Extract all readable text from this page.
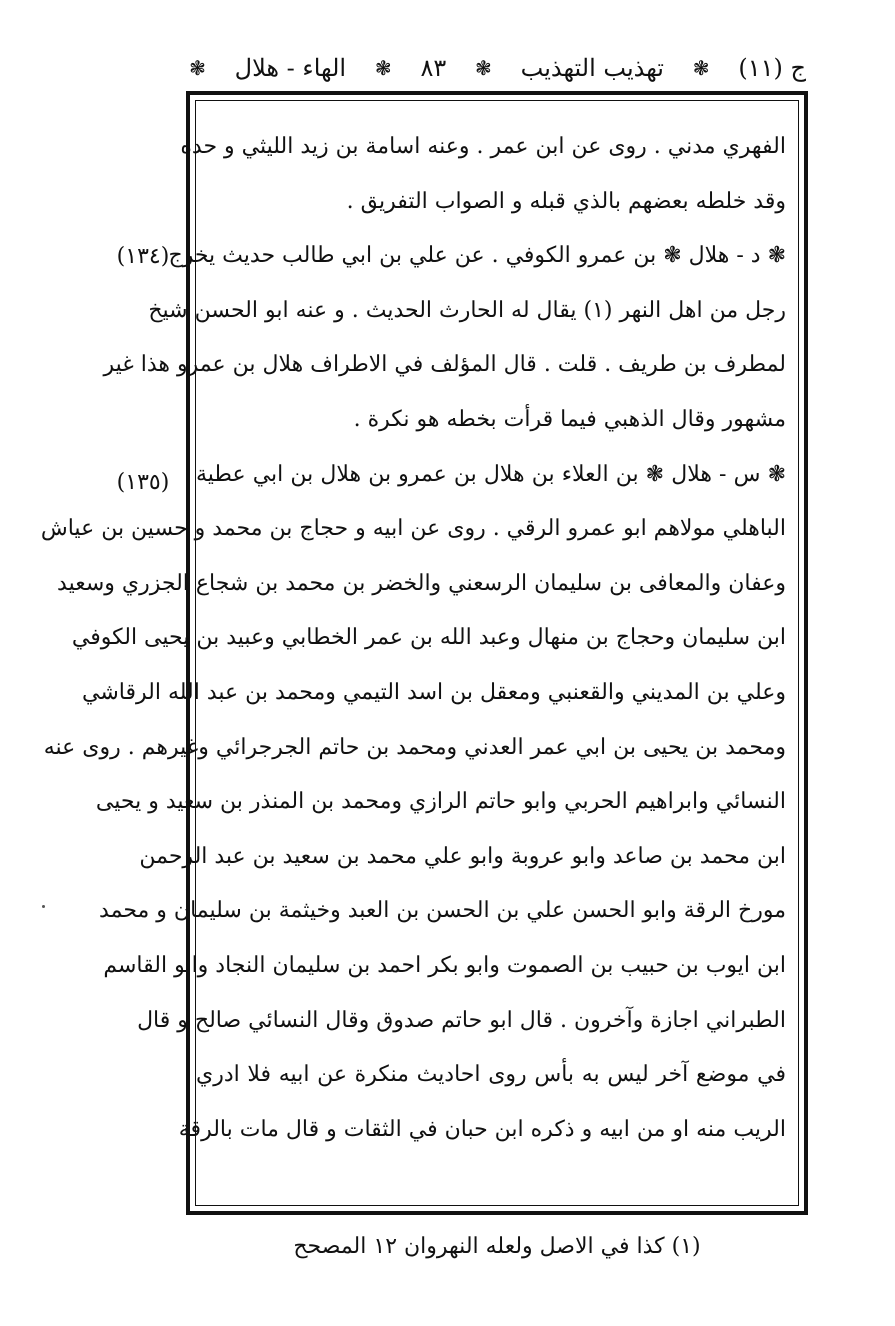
ج (١١)
❃
تهذيب التهذيب
❃
٨٣
❃
الهاء - هلال
❃
الفهري مدني . روى عن ابن عمر . وعنه اسامة بن زيد الليثي و حده
وقد خلطه بعضهم بالذي قبله و الصواب التفريق .
❃ د - هلال ❃ بن عمرو الكوفي . عن علي بن ابي طالب حديث يخرج
رجل من اهل النهر (١) يقال له الحارث الحديث . و عنه ابو الحسن شيخ
لمطرف بن طريف . قلت . قال المؤلف في الاطراف هلال بن عمرو هذا غير
مشهور وقال الذهبي فيما قرأت بخطه هو نكرة .
❃ س - هلال ❃ بن العلاء بن هلال بن عمرو بن هلال بن ابي عطية
الباهلي مولاهم ابو عمرو الرقي . روى عن ابيه و حجاج بن محمد و حسين بن عياش
وعفان والمعافى بن سليمان الرسعني والخضر بن محمد بن شجاع الجزري وسعيد
ابن سليمان وحجاج بن منهال وعبد الله بن عمر الخطابي وعبيد بن يحيى الكوفي
وعلي بن المديني والقعنبي ومعقل بن اسد التيمي ومحمد بن عبد الله الرقاشي
ومحمد بن يحيى بن ابي عمر العدني ومحمد بن حاتم الجرجرائي وغيرهم . روى عنه
النسائي وابراهيم الحربي وابو حاتم الرازي ومحمد بن المنذر بن سعيد و يحيى
ابن محمد بن صاعد وابو عروبة وابو علي محمد بن سعيد بن عبد الرحمن
مورخ الرقة وابو الحسن علي بن الحسن بن العبد وخيثمة بن سليمان و محمد
ابن ايوب بن حبيب بن الصموت وابو بكر احمد بن سليمان النجاد وابو القاسم
الطبراني اجازة وآخرون . قال ابو حاتم صدوق وقال النسائي صالح و قال
في موضع آخر ليس به بأس روى احاديث منكرة عن ابيه فلا ادري
الريب منه او من ابيه و ذكره ابن حبان في الثقات و قال مات بالرقة
(١٣٤)
(١٣٥)
(١) كذا في الاصل ولعله النهروان ١٢ المصحح
